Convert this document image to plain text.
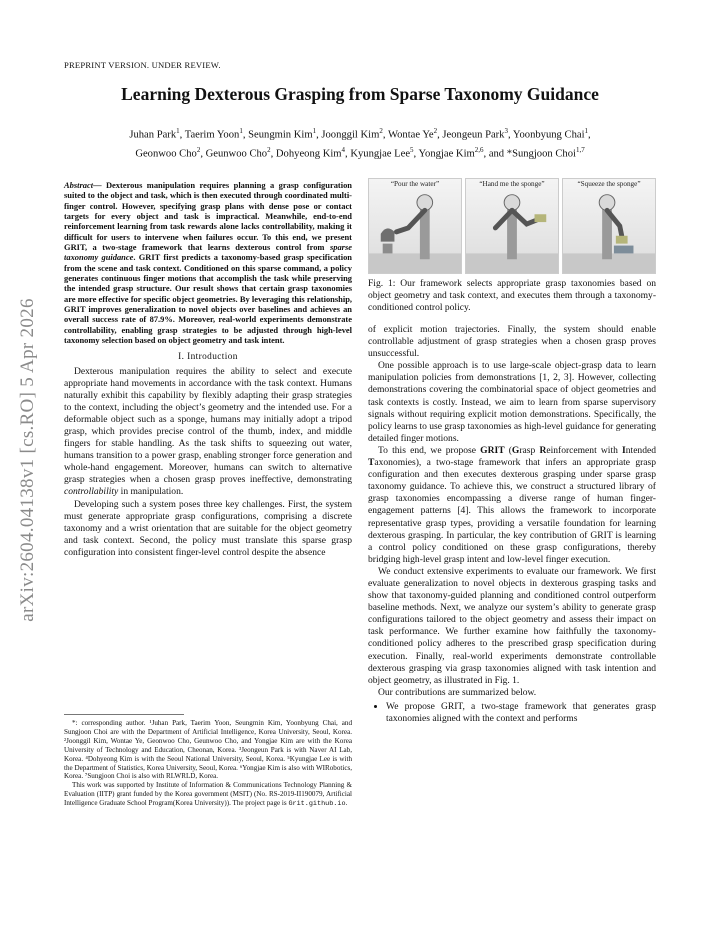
arXiv:2604.04138v1 [cs.RO] 5 Apr 2026
PREPRINT VERSION. UNDER REVIEW.
Learning Dexterous Grasping from Sparse Taxonomy Guidance
Juhan Park$^1$, Taerim Yoon$^1$, Seungmin Kim$^1$, Joonggil Kim$^2$, Wontae Ye$^2$, Jeongeun Park$^3$, Yoonbyung Chai$^1$,
Geonwoo Cho$^2$, Geunwoo Cho$^2$, Dohyeong Kim$^4$, Kyungjae Lee$^5$, Yongjae Kim$^{2,6}$, and *Sungjoon Choi$^{1,7}$
Abstract— Dexterous manipulation requires planning a grasp configuration suited to the object and task, which is then executed through coordinated multi-finger control. However, specifying grasp plans with dense pose or contact targets for every object and task is impractical. Meanwhile, end-to-end reinforcement learning from task rewards alone lacks controllability, making it difficult for users to intervene when failures occur. To this end, we present GRIT, a two-stage framework that learns dexterous control from sparse taxonomy guidance. GRIT first predicts a taxonomy-based grasp specification from the scene and task context. Conditioned on this sparse command, a policy generates continuous finger motions that accomplish the task while preserving the intended grasp structure. Our result shows that certain grasp taxonomies are more effective for specific object geometries. By leveraging this relationship, GRIT improves generalization to novel objects over baselines and achieves an overall success rate of 87.9%. Moreover, real-world experiments demonstrate controllability, enabling grasp strategies to be adjusted through high-level taxonomy selection based on object geometry and task intent.
I. Introduction

Dexterous manipulation requires the ability to select and execute appropriate hand movements in accordance with the task context. Humans naturally exhibit this capability by flexibly adapting their grasp strategies to the context, including the object’s geometry and the intended use. For a deformable object such as a sponge, humans may initially adopt a tripod grasp, which provides precise control of the thumb, index, and middle fingers for stable handling. As the task shifts to squeezing out water, humans transition to a power grasp, enabling stronger force generation and whole-hand engagement. Moreover, humans can switch to alternative grasp strategies when a chosen grasp proves ineffective, demonstrating controllability in manipulation.

Developing such a system poses three key challenges. First, the system must generate appropriate grasp configurations, comprising a discrete taxonomy and a wrist orientation that are suitable for the object geometry and task context. Second, the policy must translate this sparse grasp configuration into consistent finger-level control despite the absence

*: corresponding author. ¹Juhan Park, Taerim Yoon, Seungmin Kim, Yoonbyung Chai, and Sungjoon Choi are with the Department of Artificial Intelligence, Korea University, Seoul, Korea. ²Joonggil Kim, Wontae Ye, Geonwoo Cho, Geunwoo Cho, and Yongjae Kim are with the Korea University of Technology and Education, Cheonan, Korea. ³Jeongeun Park is with Naver AI Lab, Korea. ⁴Dohyeong Kim is with the Seoul National University, Seoul, Korea. ⁵Kyungjae Lee is with the Department of Statistics, Korea University, Seoul, Korea. ⁶Yongjae Kim is also with WIRobotics, Korea. ⁷Sungjoon Choi is also with RLWRLD, Korea.

This work was supported by Institute of Information & Communications Technology Planning & Evaluation (IITP) grant funded by the Korea government (MSIT) (No. RS-2019-II190079, Artificial Intelligence Graduate School Program(Korea University)). The project page is Grit.github.io.

“Pour the water”	“Hand me the sponge”	“Squeeze the sponge”
Fig. 1: Our framework selects appropriate grasp taxonomies based on object geometry and task context, and executes them through a taxonomy-conditioned control policy.

of explicit motion trajectories. Finally, the system should enable controllable adjustment of grasp strategies when a chosen grasp proves unsuccessful.

One possible approach is to use large-scale object-grasp data to learn manipulation policies from demonstrations [1, 2, 3]. However, collecting demonstrations covering the combinatorial space of object geometries and task contexts is costly. Instead, we aim to learn from sparse supervisory signals without requiring explicit motion demonstrations. Specifically, the policy learns to use grasp taxonomies as high-level guidance for generating detailed finger motions.

To this end, we propose GRIT (Grasp Reinforcement with Intended Taxonomies), a two-stage framework that infers an appropriate grasp configuration and then executes dexterous grasping under sparse grasp taxonomy guidance. To achieve this, we construct a structured library of grasp taxonomies encompassing a diverse range of human finger-engagement patterns [4]. This allows the framework to incorporate representative grasp types, providing a versatile foundation for learning dexterous grasping. In particular, the key contribution of GRIT is learning a control policy conditioned on these grasp configurations, thereby bridging high-level grasp intent and low-level finger execution.

We conduct extensive experiments to evaluate our framework. We first evaluate generalization to novel objects in dexterous grasping tasks and show that taxonomy-guided planning and conditioned control outperform baseline methods. Next, we analyze our system’s ability to generate grasp configurations tailored to the object geometry and assess their impact on task performance. We further examine how faithfully the taxonomy-conditioned policy adheres to the prescribed grasp specification during execution. Finally, real-world experiments demonstrate controllable dexterous grasping via grasp taxonomies aligned with task intention and object geometry, as illustrated in Fig. 1.

Our contributions are summarized below.

• We propose GRIT, a two-stage framework that generates grasp taxonomies aligned with the context and performs
